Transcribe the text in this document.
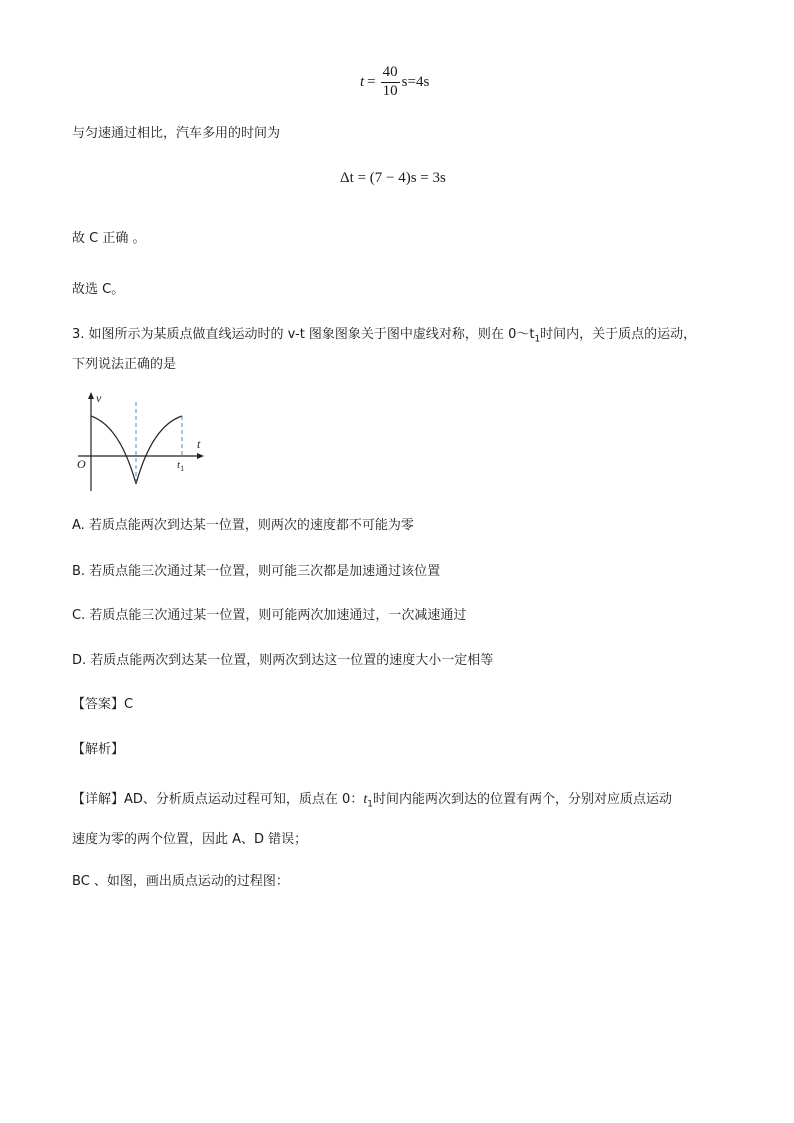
$t = \frac{40}{10} s=4s$
与匀速通过相比，汽车多用的时间为
Δt = (7 − 4)s = 3s
故 C 正确 。
故选 C。
3. 如图所示为某质点做直线运动时的 v-t 图象图象关于图中虚线对称，则在 $0\sim t_1$时间内，关于质点的运动，
下列说法正确的是
v
t
O	$t_1$
A. 若质点能两次到达某一位置，则两次的速度都不可能为零
B. 若质点能三次通过某一位置，则可能三次都是加速通过该位置
C. 若质点能三次通过某一位置，则可能两次加速通过，一次减速通过
D. 若质点能两次到达某一位置，则两次到达这一位置的速度大小一定相等
【答案】C
【解析】
【详解】AD、分析质点运动过程可知，质点在 0：$t_1$时间内能两次到达的位置有两个，分别对应质点运动
速度为零的两个位置，因此 A、D 错误；
BC 、如图，画出质点运动的过程图：
